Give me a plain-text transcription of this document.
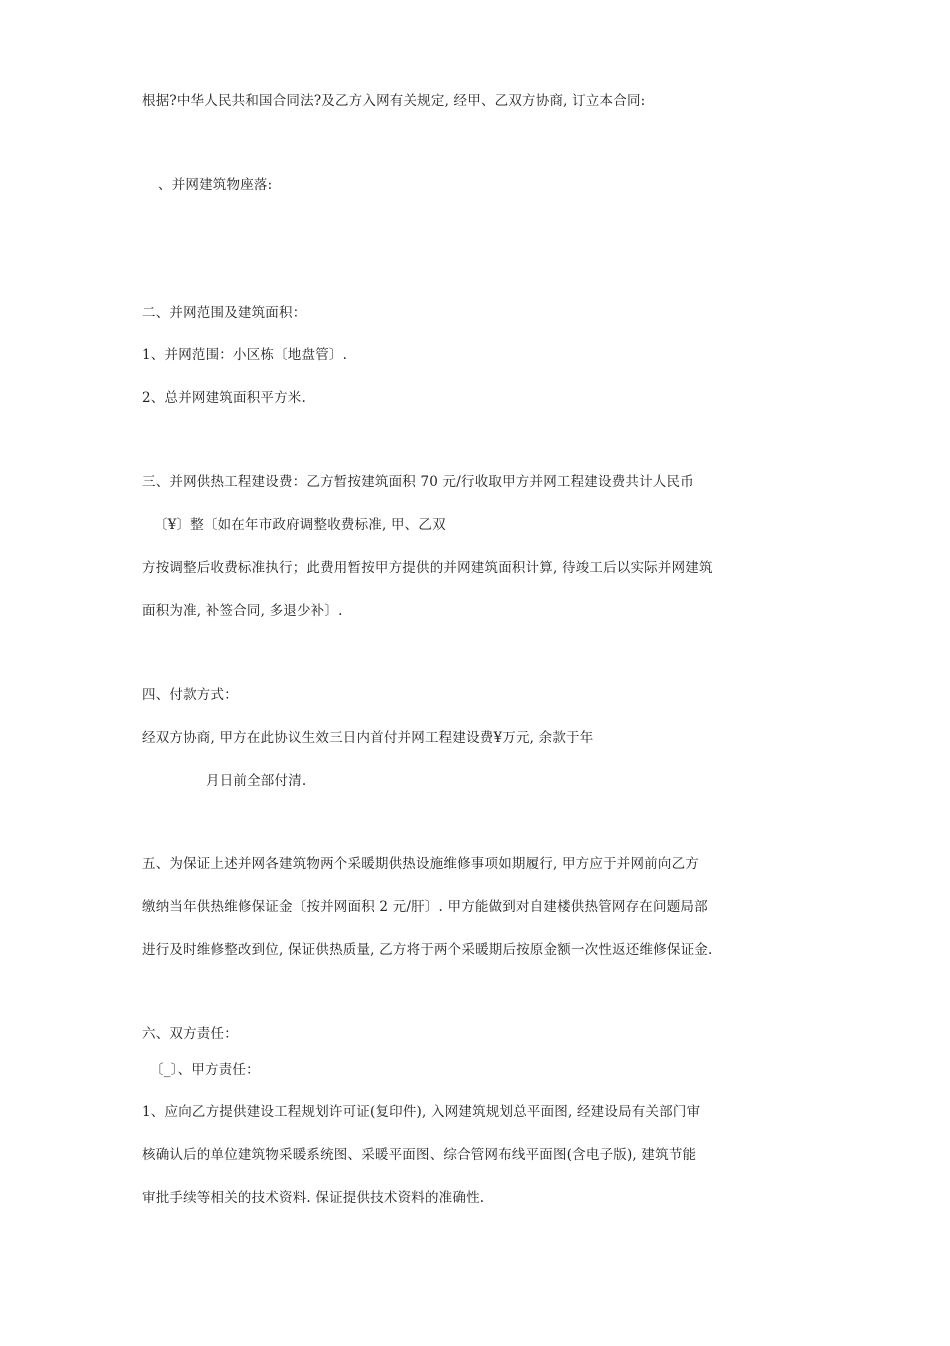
根据?中华人民共和国合同法?及乙方入网有关规定, 经甲、乙双方协商, 订立本合同:
、并网建筑物座落:
二、并网范围及建筑面积：
1、并网范围：小区栋〔地盘管〕.
2、总并网建筑面积平方米.
三、并网供热工程建设费：乙方暂按建筑面积 70 元/行收取甲方并网工程建设费共计人民币
〔¥〕整〔如在年市政府调整收费标准, 甲、乙双
方按调整后收费标准执行；此费用暂按甲方提供的并网建筑面积计算, 待竣工后以实际并网建筑
面积为准, 补签合同, 多退少补〕.
四、付款方式：
经双方协商, 甲方在此协议生效三日内首付并网工程建设费¥万元, 余款于年
月日前全部付清.
五、为保证上述并网各建筑物两个采暖期供热设施维修事项如期履行, 甲方应于并网前向乙方
缴纳当年供热维修保证金〔按并网面积 2 元/肝〕. 甲方能做到对自建楼供热管网存在问题局部
进行及时维修整改到位, 保证供热质量, 乙方将于两个采暖期后按原金额一次性返还维修保证金.
六、双方责任：
〔_〕、甲方责任：
1、应向乙方提供建设工程规划许可证(复印件), 入网建筑规划总平面图, 经建设局有关部门审
核确认后的单位建筑物采暖系统图、采暖平面图、综合管网布线平面图(含电子版), 建筑节能
审批手续等相关的技术资料. 保证提供技术资料的准确性.
